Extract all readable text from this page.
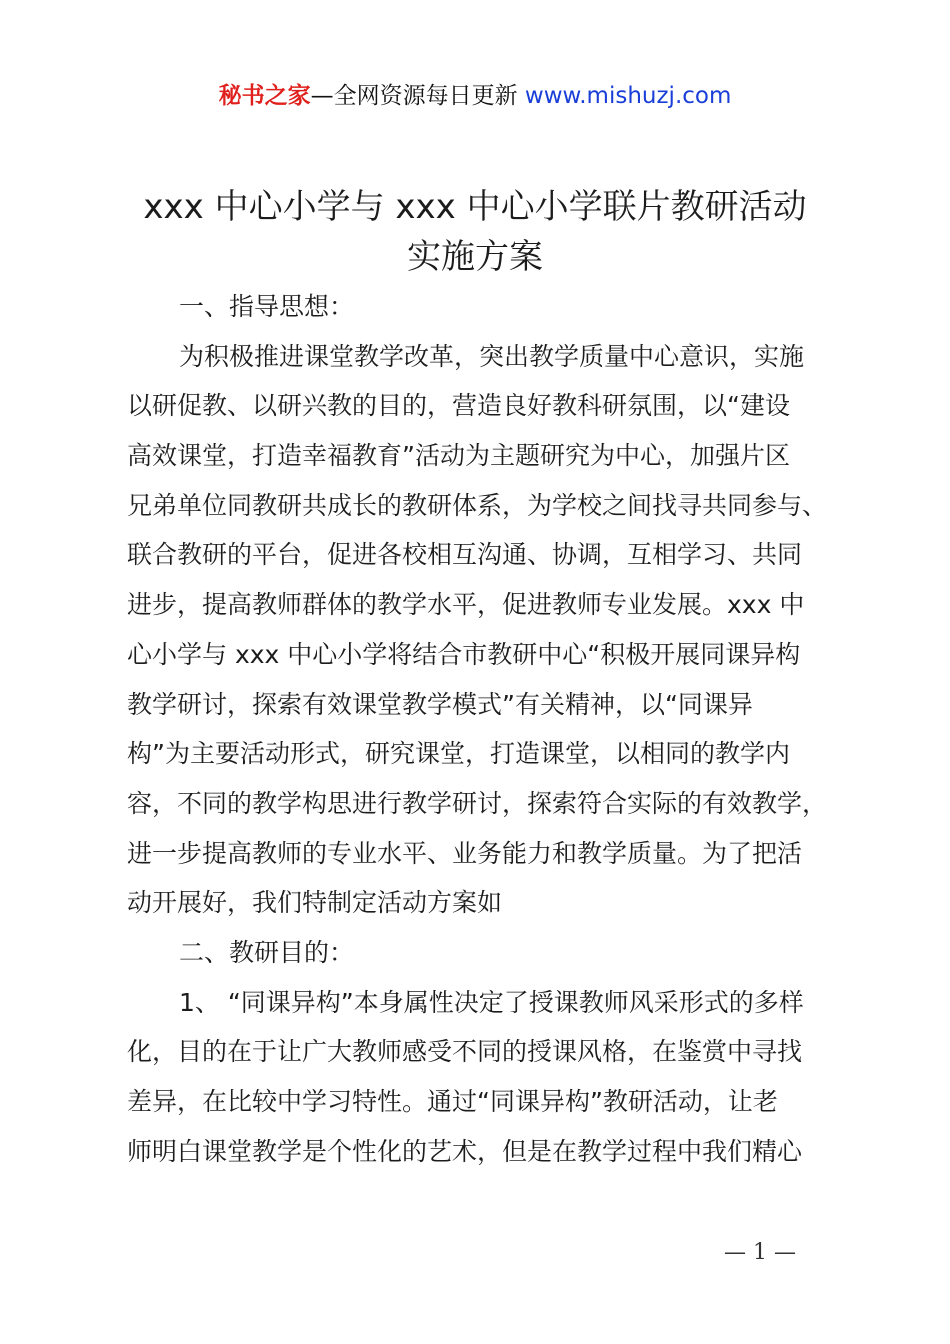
秘书之家—全网资源每日更新 www.mishuzj.com
xxx 中心小学与 xxx 中心小学联片教研活动
实施方案
一、指导思想：
为积极推进课堂教学改革，突出教学质量中心意识，实施
以研促教、以研兴教的目的，营造良好教科研氛围，以“建设
高效课堂，打造幸福教育”活动为主题研究为中心，加强片区
兄弟单位同教研共成长的教研体系，为学校之间找寻共同参与、
联合教研的平台，促进各校相互沟通、协调，互相学习、共同
进步，提高教师群体的教学水平，促进教师专业发展。xxx 中
心小学与 xxx 中心小学将结合市教研中心“积极开展同课异构
教学研讨，探索有效课堂教学模式”有关精神，以“同课异
构”为主要活动形式，研究课堂，打造课堂，以相同的教学内
容，不同的教学构思进行教学研讨，探索符合实际的有效教学，
进一步提高教师的专业水平、业务能力和教学质量。为了把活
动开展好，我们特制定活动方案如
二、教研目的：
1、 “同课异构”本身属性决定了授课教师风采形式的多样
化，目的在于让广大教师感受不同的授课风格，在鉴赏中寻找
差异，在比较中学习特性。通过“同课异构”教研活动，让老
师明白课堂教学是个性化的艺术，但是在教学过程中我们精心
— 1 —
